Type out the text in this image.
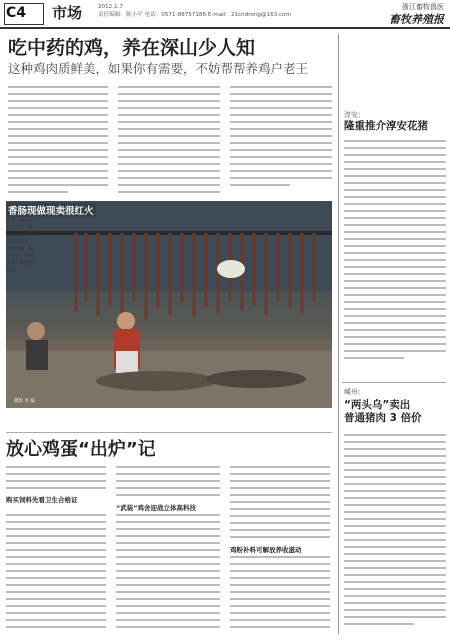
C4 市场	2012.1.7
责任编辑：陈小平 电话：0571-88757186 E-mail：21cndrong@163.com
浙江畜牧兽医
畜牧养殖报
吃中药的鸡，养在深山少人知
这种鸡肉质鲜美，如果你有需要，不妨帮帮养鸡户老王
香肠现做现卖很红火
摄影 李 磊
近期，杭州市场上热卖一种现做香肠，市民纷纷购买，物美价廉，深受欢迎，商家表示年前销量旺盛。
放心鸡蛋“出炉”记
购买饲料先看卫生合格证
“武装”鸡舍迎战立体高科技
鸡粉补料可解放养收滋动
淳安：
隆重推介淳安花猪
嵊州：
“两头乌”卖出
普通猪肉 3 倍价
